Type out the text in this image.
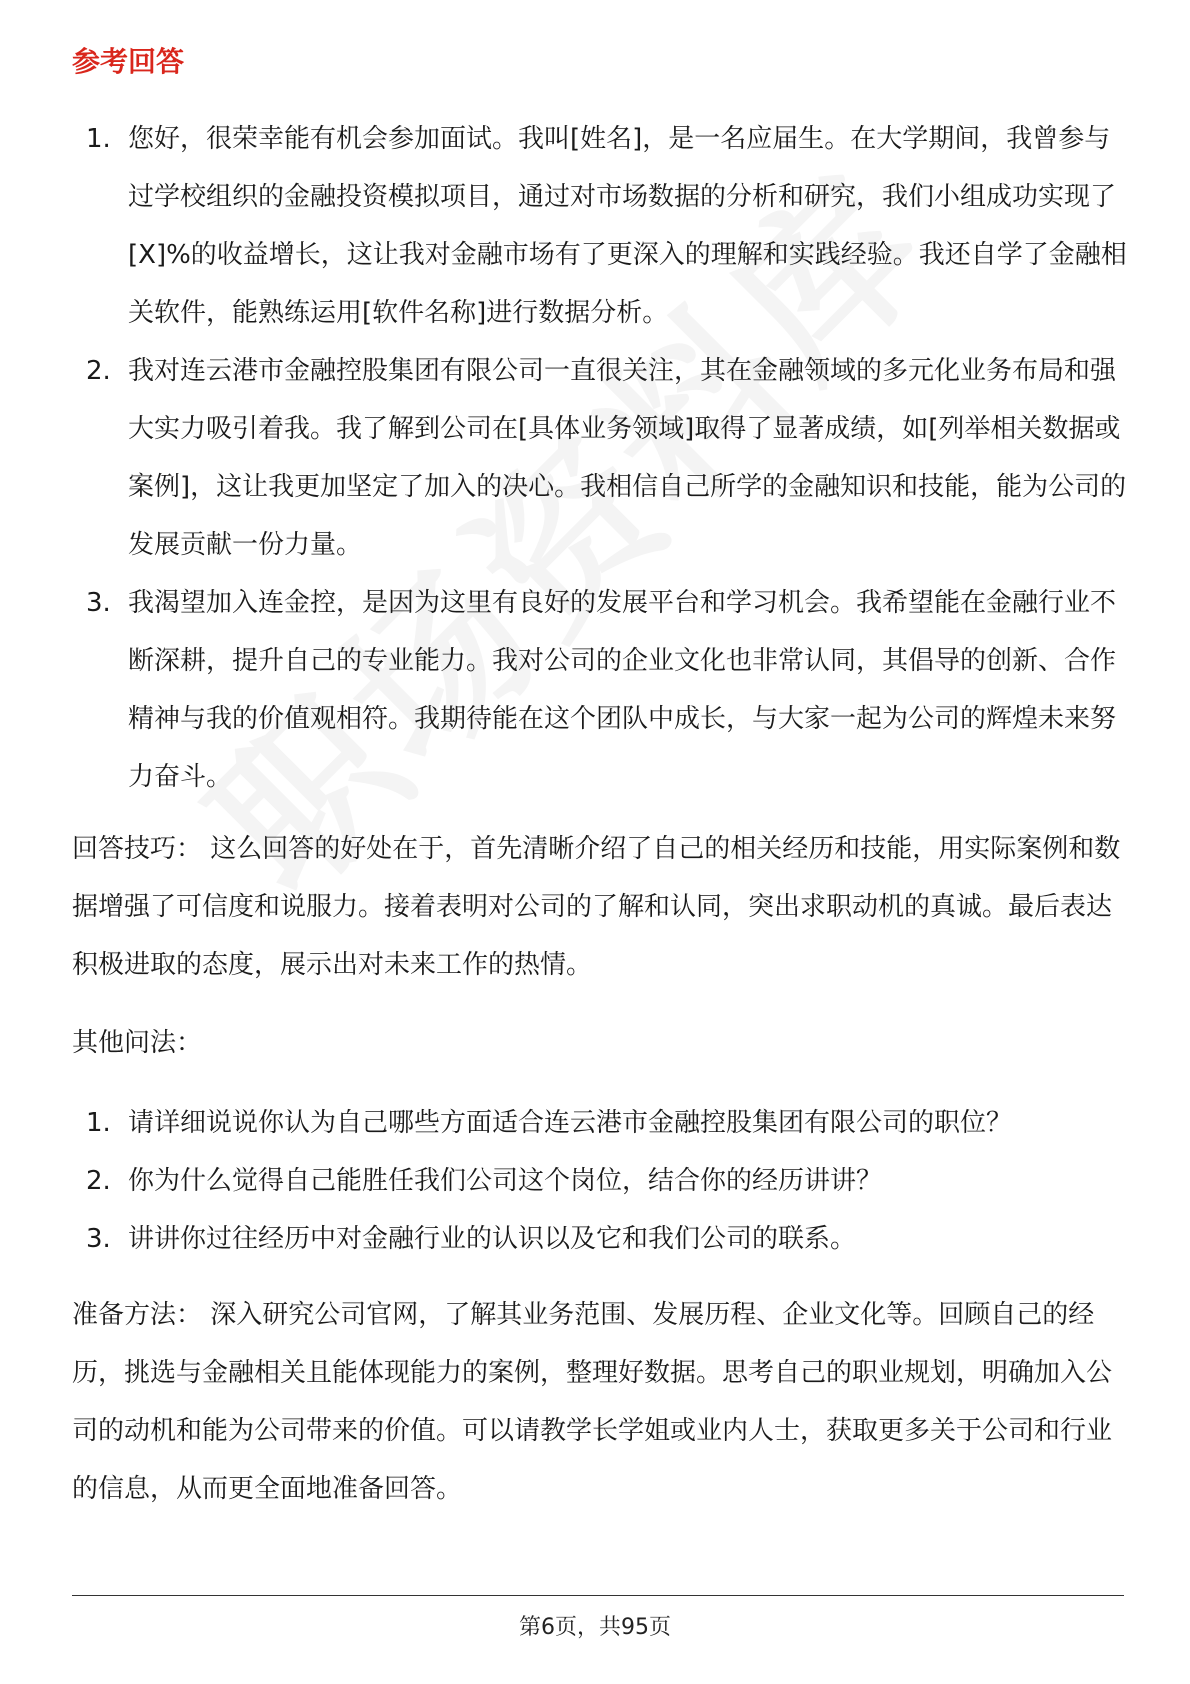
参考回答
1. 您好，很荣幸能有机会参加面试。我叫[姓名]，是一名应届生。在大学期间，我曾参与过学校组织的金融投资模拟项目，通过对市场数据的分析和研究，我们小组成功实现了[X]%的收益增长，这让我对金融市场有了更深入的理解和实践经验。我还自学了金融相关软件，能熟练运用[软件名称]进行数据分析。
2. 我对连云港市金融控股集团有限公司一直很关注，其在金融领域的多元化业务布局和强大实力吸引着我。我了解到公司在[具体业务领域]取得了显著成绩，如[列举相关数据或案例]，这让我更加坚定了加入的决心。我相信自己所学的金融知识和技能，能为公司的发展贡献一份力量。
3. 我渴望加入连金控，是因为这里有良好的发展平台和学习机会。我希望能在金融行业不断深耕，提升自己的专业能力。我对公司的企业文化也非常认同，其倡导的创新、合作精神与我的价值观相符。我期待能在这个团队中成长，与大家一起为公司的辉煌未来努力奋斗。

回答技巧： 这么回答的好处在于，首先清晰介绍了自己的相关经历和技能，用实际案例和数据增强了可信度和说服力。接着表明对公司的了解和认同，突出求职动机的真诚。最后表达积极进取的态度，展示出对未来工作的热情。

其他问法：

1. 请详细说说你认为自己哪些方面适合连云港市金融控股集团有限公司的职位？
2. 你为什么觉得自己能胜任我们公司这个岗位，结合你的经历讲讲？
3. 讲讲你过往经历中对金融行业的认识以及它和我们公司的联系。

准备方法： 深入研究公司官网，了解其业务范围、发展历程、企业文化等。回顾自己的经历，挑选与金融相关且能体现能力的案例，整理好数据。思考自己的职业规划，明确加入公司的动机和能为公司带来的价值。可以请教学长学姐或业内人士，获取更多关于公司和行业的信息，从而更全面地准备回答。

第6页，共95页
